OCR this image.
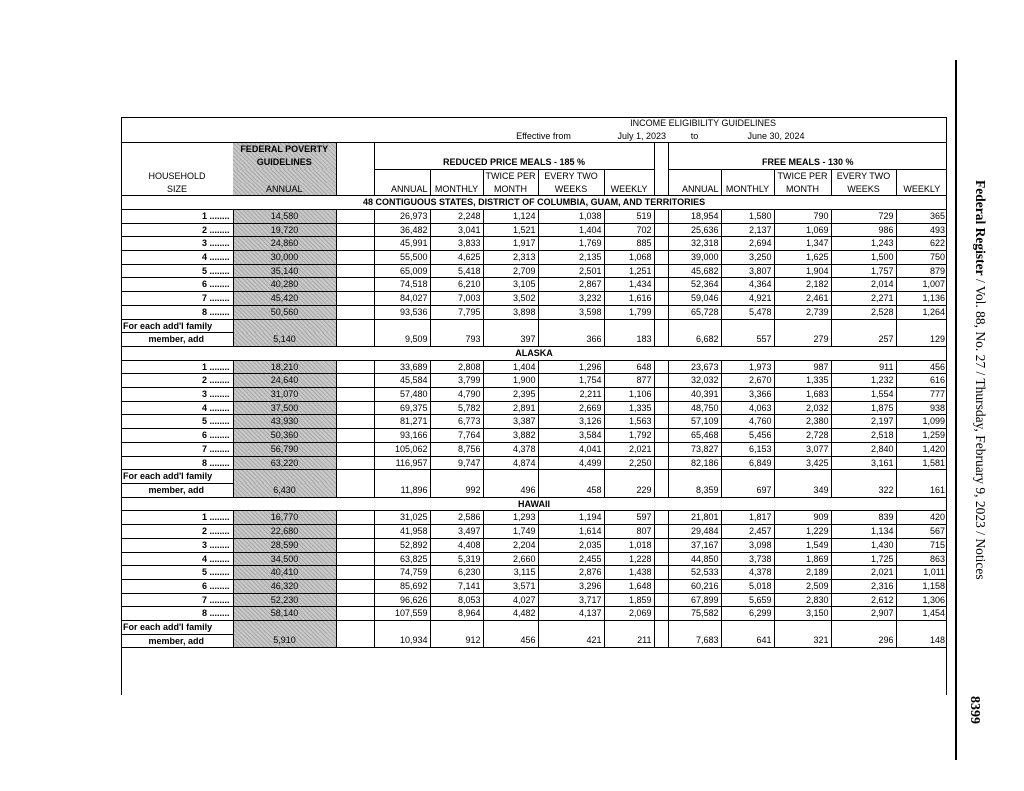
INCOME ELIGIBILITY GUIDELINES													
					Effective from		July 1, 2023		to	June 30, 2024			
	FEDERAL POVERTY												
	GUIDELINES		REDUCED PRICE MEALS - 185 %						FREE MEALS - 130 %				
HOUSEHOLD					TWICE PER	EVERY TWO					TWICE PER	EVERY TWO	
SIZE	ANNUAL		ANNUAL	MONTHLY	MONTH	WEEKS	WEEKLY		ANNUAL	MONTHLY	MONTH	WEEKS	WEEKLY
48 CONTIGUOUS STATES, DISTRICT OF COLUMBIA, GUAM, AND TERRITORIES													
1 ........	14,580		26,973	2,248	1,124	1,038	519		18,954	1,580	790	729	365
2 ........	19,720		36,482	3,041	1,521	1,404	702		25,636	2,137	1,069	986	493
3 ........	24,860		45,991	3,833	1,917	1,769	885		32,318	2,694	1,347	1,243	622
4 ........	30,000		55,500	4,625	2,313	2,135	1,068		39,000	3,250	1,625	1,500	750
5 ........	35,140		65,009	5,418	2,709	2,501	1,251		45,682	3,807	1,904	1,757	879
6 ........	40,280		74,518	6,210	3,105	2,867	1,434		52,364	4,364	2,182	2,014	1,007
7 ........	45,420		84,027	7,003	3,502	3,232	1,616		59,046	4,921	2,461	2,271	1,136
8 ........	50,560		93,536	7,795	3,898	3,598	1,799		65,728	5,478	2,739	2,528	1,264
For each add'l family													
member, add	5,140		9,509	793	397	366	183		6,682	557	279	257	129
ALASKA													
1 ........	18,210		33,689	2,808	1,404	1,296	648		23,673	1,973	987	911	456
2 ........	24,640		45,584	3,799	1,900	1,754	877		32,032	2,670	1,335	1,232	616
3 ........	31,070		57,480	4,790	2,395	2,211	1,106		40,391	3,366	1,683	1,554	777
4 ........	37,500		69,375	5,782	2,891	2,669	1,335		48,750	4,063	2,032	1,875	938
5 ........	43,930		81,271	6,773	3,387	3,126	1,563		57,109	4,760	2,380	2,197	1,099
6 ........	50,360		93,166	7,764	3,882	3,584	1,792		65,468	5,456	2,728	2,518	1,259
7 ........	56,790		105,062	8,756	4,378	4,041	2,021		73,827	6,153	3,077	2,840	1,420
8 ........	63,220		116,957	9,747	4,874	4,499	2,250		82,186	6,849	3,425	3,161	1,581
For each add'l family													
member, add	6,430		11,896	992	496	458	229		8,359	697	349	322	161
HAWAII													
1 ........	16,770		31,025	2,586	1,293	1,194	597		21,801	1,817	909	839	420
2 ........	22,680		41,958	3,497	1,749	1,614	807		29,484	2,457	1,229	1,134	567
3 ........	28,590		52,892	4,408	2,204	2,035	1,018		37,167	3,098	1,549	1,430	715
4 ........	34,500		63,825	5,319	2,660	2,455	1,228		44,850	3,738	1,869	1,725	863
5 ........	40,410		74,759	6,230	3,115	2,876	1,438		52,533	4,378	2,189	2,021	1,011
6 ........	46,320		85,692	7,141	3,571	3,296	1,648		60,216	5,018	2,509	2,316	1,158
7 ........	52,230		96,626	8,053	4,027	3,717	1,859		67,899	5,659	2,830	2,612	1,306
8 ........	58,140		107,559	8,964	4,482	4,137	2,069		75,582	6,299	3,150	2,907	1,454
For each add'l family													
member, add	5,910		10,934	912	456	421	211		7,683	641	321	296	148
Federal Register / Vol. 88, No. 27 / Thursday, February 9, 2023 / Notices
8399
